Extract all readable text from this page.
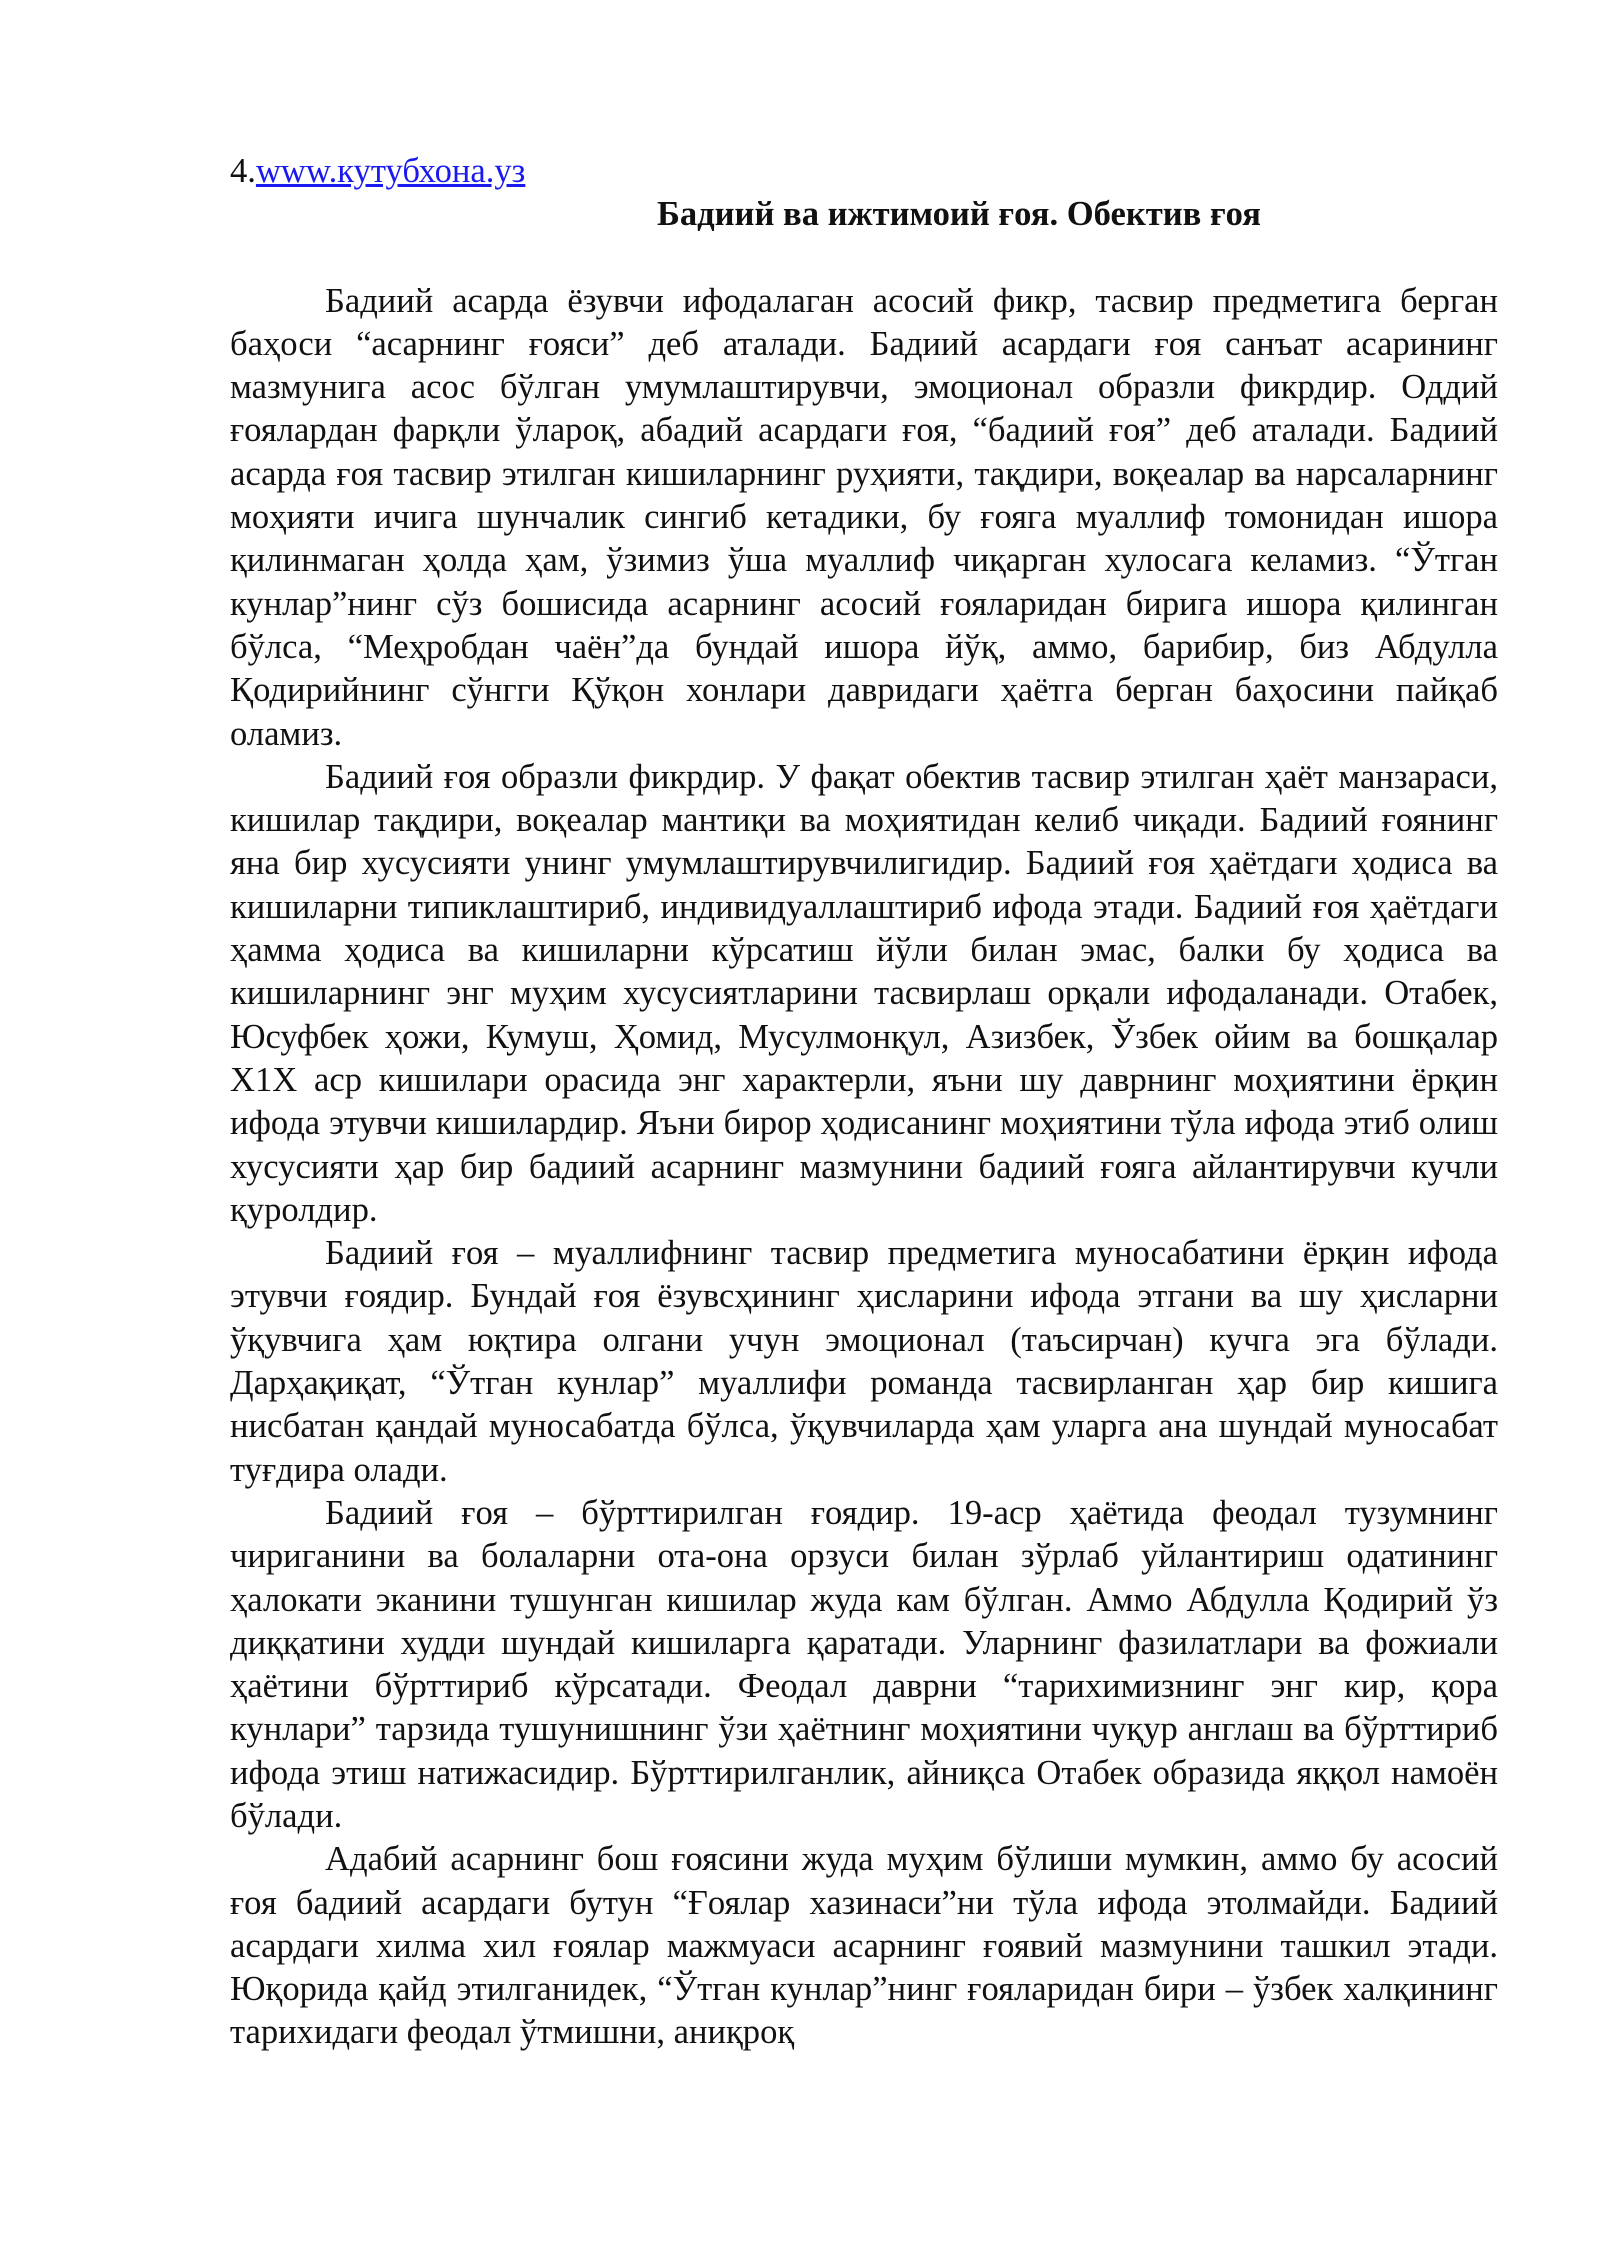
4.www.кутубхона.уз

Бадиий ва ижтимоий ғоя. Обектив ғоя

Бадиий асарда ёзувчи ифодалаган асосий фикр, тасвир предметига берган баҳоси “асарнинг ғояси” деб аталади. Бадиий асардаги ғоя санъат асарининг мазмунига асос бўлган умумлаштирувчи, эмоционал образли фикрдир. Оддий ғоялардан фарқли ўлароқ, абадий асардаги ғоя, “бадиий ғоя” деб аталади. Бадиий асарда ғоя тасвир этилган кишиларнинг руҳияти, тақдири, воқеалар ва нарсаларнинг моҳияти ичига шунчалик сингиб кетадики, бу ғояга муаллиф томонидан ишора қилинмаган ҳолда ҳам, ўзимиз ўша муаллиф чиқарган хулосага келамиз. “Ўтган кунлар”нинг сўз бошисида асарнинг асосий ғояларидан бирига ишора қилинган бўлса, “Меҳробдан чаён”да бундай ишора йўқ, аммо, барибир, биз Абдулла Қодирийнинг сўнгги Қўқон хонлари давридаги ҳаётга берган баҳосини пайқаб оламиз.

Бадиий ғоя образли фикрдир. У фақат обектив тасвир этилган ҳаёт манзараси, кишилар тақдири, воқеалар мантиқи ва моҳиятидан келиб чиқади. Бадиий ғоянинг яна бир хусусияти унинг умумлаштирувчилигидир. Бадиий ғоя ҳаётдаги ҳодиса ва кишиларни типиклаштириб, индивидуаллаштириб ифода этади. Бадиий ғоя ҳаётдаги ҳамма ҳодиса ва кишиларни кўрсатиш йўли билан эмас, балки бу ҳодиса ва кишиларнинг энг муҳим хусусиятларини тасвирлаш орқали ифодаланади. Отабек, Юсуфбек ҳожи, Кумуш, Ҳомид, Мусулмонқул, Азизбек, Ўзбек ойим ва бошқалар X1X аср кишилари орасида энг характерли, яъни шу даврнинг моҳиятини ёрқин ифода этувчи кишилардир. Яъни бирор ҳодисанинг моҳиятини тўла ифода этиб олиш хусусияти ҳар бир бадиий асарнинг мазмунини бадиий ғояга айлантирувчи кучли қуролдир.

Бадиий ғоя – муаллифнинг тасвир предметига муносабатини ёрқин ифода этувчи ғоядир. Бундай ғоя ёзувсҳининг ҳисларини ифода этгани ва шу ҳисларни ўқувчига ҳам юқтира олгани учун эмоционал (таъсирчан) кучга эга бўлади. Дарҳақиқат, “Ўтган кунлар” муаллифи романда тасвирланган ҳар бир кишига нисбатан қандай муносабатда бўлса, ўқувчиларда ҳам уларга ана шундай муносабат туғдира олади.

Бадиий ғоя – бўрттирилган ғоядир. 19-аср ҳаётида феодал тузумнинг чириганини ва болаларни ота-она орзуси билан зўрлаб уйлантириш одатининг ҳалокати эканини тушунган кишилар жуда кам бўлган. Аммо Абдулла Қодирий ўз диққатини худди шундай кишиларга қаратади. Уларнинг фазилатлари ва фожиали ҳаётини бўрттириб кўрсатади. Феодал даврни “тарихимизнинг энг кир, қора кунлари” тарзида тушунишнинг ўзи ҳаётнинг моҳиятини чуқур англаш ва бўрттириб ифода этиш натижасидир. Бўрттирилганлик, айниқса Отабек образида яққол намоён бўлади.

Адабий асарнинг бош ғоясини жуда муҳим бўлиши мумкин, аммо бу асосий ғоя бадиий асардаги бутун “Ғоялар хазинаси”ни тўла ифода этолмайди. Бадиий асардаги хилма хил ғоялар мажмуаси асарнинг ғоявий мазмунини ташкил этади. Юқорида қайд этилганидек, “Ўтган кунлар”нинг ғояларидан бири – ўзбек халқининг тарихидаги феодал ўтмишни, аниқроқ
